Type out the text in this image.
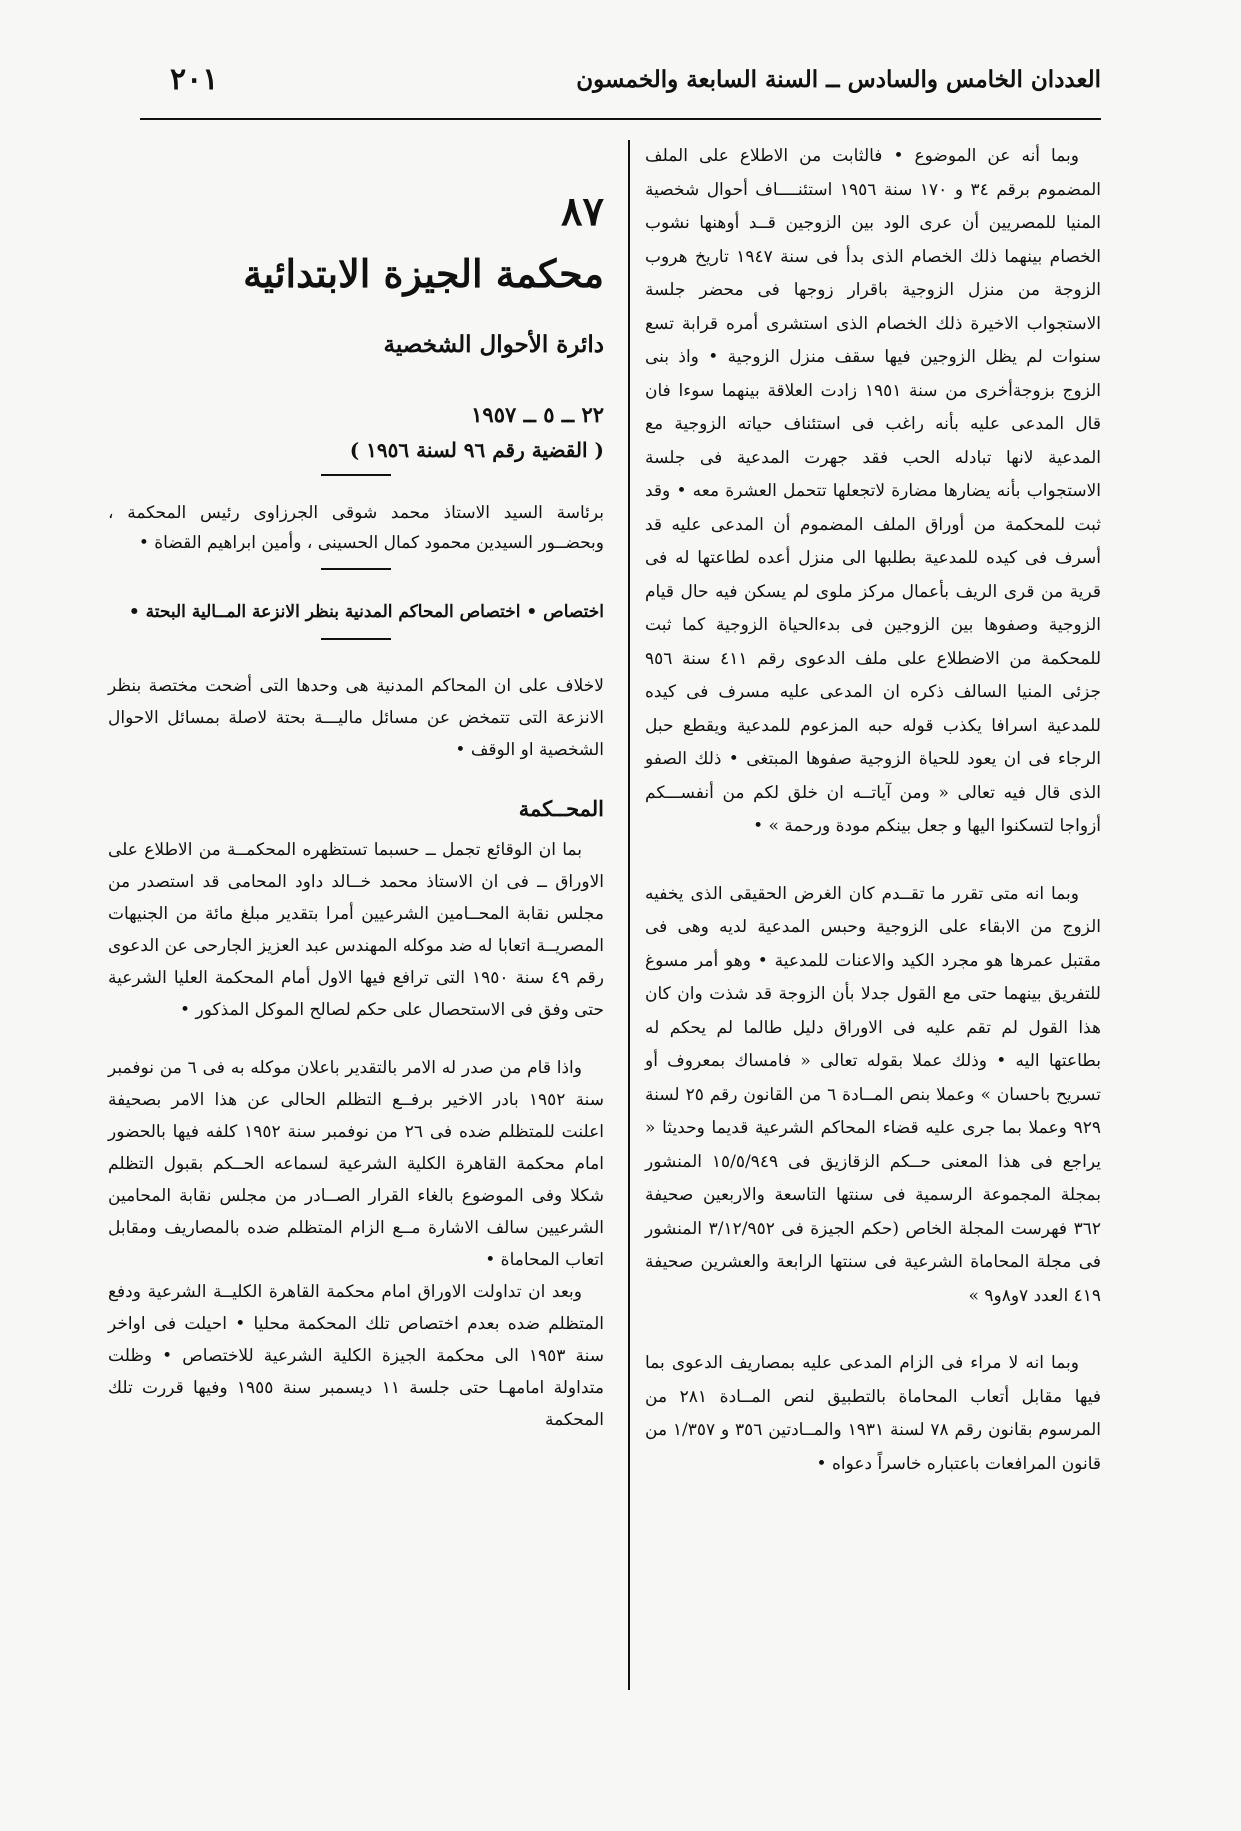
العددان الخامس والسادس ــ السنة السابعة والخمسون
٢٠١

وبما أنه عن الموضوع • فالثابت من الاطلاع على الملف المضموم برقم ٣٤ و ١٧٠ سنة ١٩٥٦ استئنــــاف أحوال شخصية المنيا للمصريين أن عرى الود بين الزوجين قــد أوهنها نشوب الخصام بينهما ذلك الخصام الذى بدأ فى سنة ١٩٤٧ تاريخ هروب الزوجة من منزل الزوجية باقرار زوجها فى محضر جلسة الاستجواب الاخيرة ذلك الخصام الذى استشرى أمره قرابة تسع سنوات لم يظل الزوجين فيها سقف منزل الزوجية • واذ بنى الزوج بزوجةأخرى من سنة ١٩٥١ زادت العلاقة بينهما سوءا فان قال المدعى عليه بأنه راغب فى استئناف حياته الزوجية مع المدعية لانها تبادله الحب فقد جهرت المدعية فى جلسة الاستجواب بأنه يضارها مضارة لاتجعلها تتحمل العشرة معه • وقد ثبت للمحكمة من أوراق الملف المضموم أن المدعى عليه قد أسرف فى كيده للمدعية بطلبها الى منزل أعده لطاعتها له فى قرية من قرى الريف بأعمال مركز ملوى لم يسكن فيه حال قيام الزوجية وصفوها بين الزوجين فى بدءالحياة الزوجية كما ثبت للمحكمة من الاضطلاع على ملف الدعوى رقم ٤١١ سنة ٩٥٦ جزئى المنيا السالف ذكره ان المدعى عليه مسرف فى كيده للمدعية اسرافا يكذب قوله حبه المزعوم للمدعية ويقطع حبل الرجاء فى ان يعود للحياة الزوجية صفوها المبتغى • ذلك الصفو الذى قال فيه تعالى « ومن آياتــه ان خلق لكم من أنفســـكم أزواجا لتسكنوا اليها و جعل بينكم مودة ورحمة » •

وبما انه متى تقرر ما تقــدم كان الغرض الحقيقى الذى يخفيه الزوج من الابقاء على الزوجية وحبس المدعية لديه وهى فى مقتبل عمرها هو مجرد الكيد والاعنات للمدعية • وهو أمر مسوغ للتفريق بينهما حتى مع القول جدلا بأن الزوجة قد شذت وان كان هذا القول لم تقم عليه فى الاوراق دليل طالما لم يحكم له بطاعتها اليه • وذلك عملا بقوله تعالى « فامساك بمعروف أو تسريح باحسان » وعملا بنص المــادة ٦ من القانون رقم ٢٥ لسنة ٩٢٩ وعملا بما جرى عليه قضاء المحاكم الشرعية قديما وحديثا « يراجع فى هذا المعنى حــكم الزقازيق فى ١٥/٥/٩٤٩ المنشور بمجلة المجموعة الرسمية فى سنتها التاسعة والاربعين صحيفة ٣٦٢ فهرست المجلة الخاص (حكم الجيزة فى ٣/١٢/٩٥٢ المنشور فى مجلة المحاماة الشرعية فى سنتها الرابعة والعشرين صحيفة ٤١٩ العدد ٧و٨و٩ »

وبما انه لا مراء فى الزام المدعى عليه بمصاريف الدعوى بما فيها مقابل أتعاب المحاماة بالتطبيق لنص المــادة ٢٨١ من المرسوم بقانون رقم ٧٨ لسنة ١٩٣١ والمــادتين ٣٥٦ و ١/٣٥٧ من قانون المرافعات باعتباره خاسراً دعواه •

٨٧
محكمة الجيزة الابتدائية
دائرة الأحوال الشخصية
٢٢ ــ ٥ ــ ١٩٥٧
( القضية رقم ٩٦ لسنة ١٩٥٦ )
برئاسة السيد الاستاذ محمد شوقى الجرزاوى رئيس المحكمة ، وبحضــور السيدين محمود كمال الحسينى ، وأمين ابراهيم القضاة •
اختصاص • اختصاص المحاكم المدنية بنظر الانزعة المــالية البحتة •
لاخلاف على ان المحاكم المدنية هى وحدها التى أضحت مختصة بنظر الانزعة التى تتمخض عن مسائل ماليـــة بحتة لاصلة بمسائل الاحوال الشخصية او الوقف •
المحــكمة

بما ان الوقائع تجمل ــ حسبما تستظهره المحكمــة من الاطلاع على الاوراق ــ فى ان الاستاذ محمد خــالد داود المحامى قد استصدر من مجلس نقابة المحــامين الشرعيين أمرا بتقدير مبلغ مائة من الجنيهات المصريــة اتعابا له ضد موكله المهندس عبد العزيز الجارحى عن الدعوى رقم ٤٩ سنة ١٩٥٠ التى ترافع فيها الاول أمام المحكمة العليا الشرعية حتى وفق فى الاستحصال على حكم لصالح الموكل المذكور •

واذا قام من صدر له الامر بالتقدير باعلان موكله به فى ٦ من نوفمبر سنة ١٩٥٢ بادر الاخير برفــع التظلم الحالى عن هذا الامر بصحيفة اعلنت للمتظلم ضده فى ٢٦ من نوفمبر سنة ١٩٥٢ كلفه فيها بالحضور امام محكمة القاهرة الكلية الشرعية لسماعه الحــكم بقبول التظلم شكلا وفى الموضوع بالغاء القرار الصــادر من مجلس نقابة المحامين الشرعيين سالف الاشارة مــع الزام المتظلم ضده بالمصاريف ومقابل اتعاب المحاماة •

وبعد ان تداولت الاوراق امام محكمة القاهرة الكليــة الشرعية ودفع المتظلم ضده بعدم اختصاص تلك المحكمة محليا • احيلت فى اواخر سنة ١٩٥٣ الى محكمة الجيزة الكلية الشرعية للاختصاص • وظلت متداولة امامهـا حتى جلسة ١١ ديسمبر سنة ١٩٥٥ وفيها قررت تلك المحكمة
